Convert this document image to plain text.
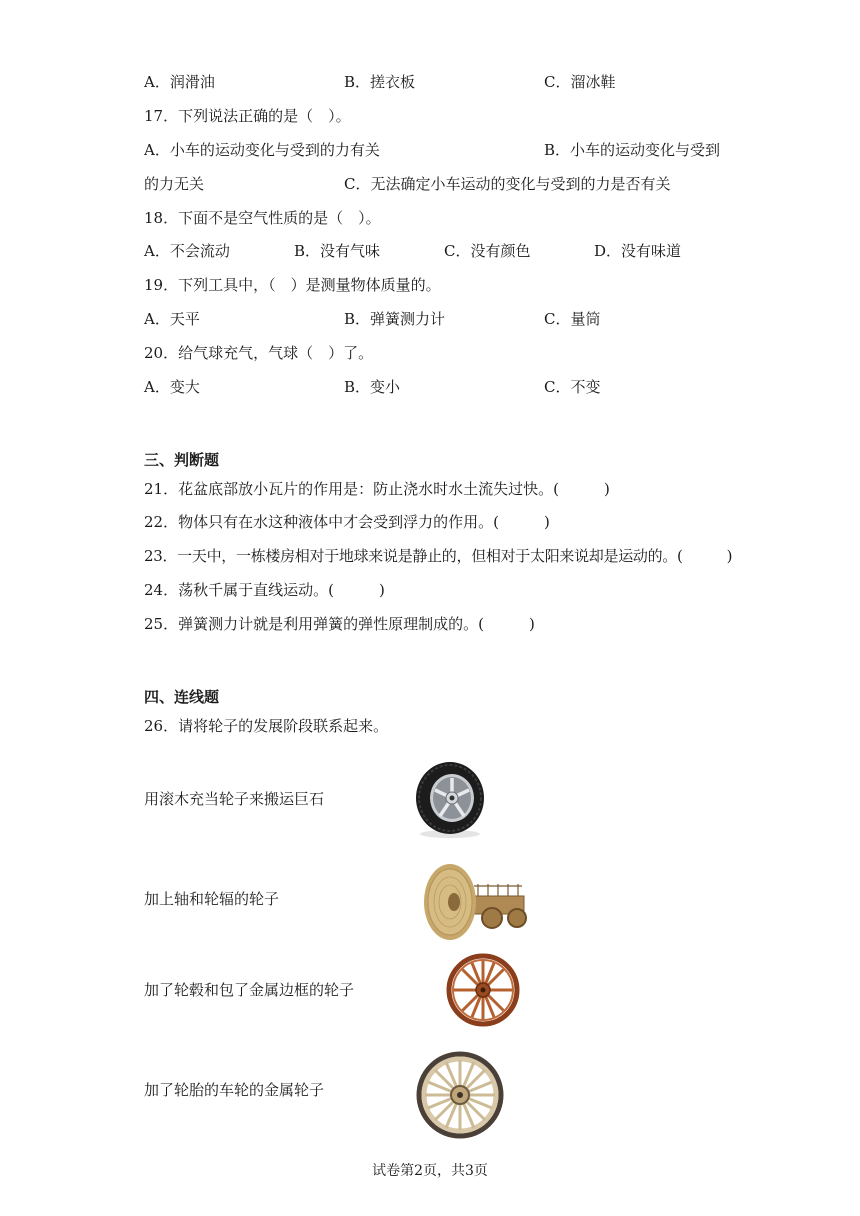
A．润滑油	B．搓衣板	C．溜冰鞋
17．下列说法正确的是（　）。
A．小车的运动变化与受到的力有关	B．小车的运动变化与受到
的力无关	C．无法确定小车运动的变化与受到的力是否有关
18．下面不是空气性质的是（　）。
A．不会流动	B．没有气味	C．没有颜色	D．没有味道
19．下列工具中，（　）是测量物体质量的。
A．天平	B．弹簧测力计	C．量筒
20．给气球充气，气球（　）了。
A．变大	B．变小	C．不变
三、判断题
21．花盆底部放小瓦片的作用是：防止浇水时水土流失过快。(　　　)
22．物体只有在水这种液体中才会受到浮力的作用。(　　　)
23．一天中，一栋楼房相对于地球来说是静止的，但相对于太阳来说却是运动的。(　　　)
24．荡秋千属于直线运动。(　　　)
25．弹簧测力计就是利用弹簧的弹性原理制成的。(　　　)
四、连线题
26．请将轮子的发展阶段联系起来。
用滚木充当轮子来搬运巨石
加上轴和轮辐的轮子
加了轮毂和包了金属边框的轮子
加了轮胎的车轮的金属轮子
试卷第2页，共3页
